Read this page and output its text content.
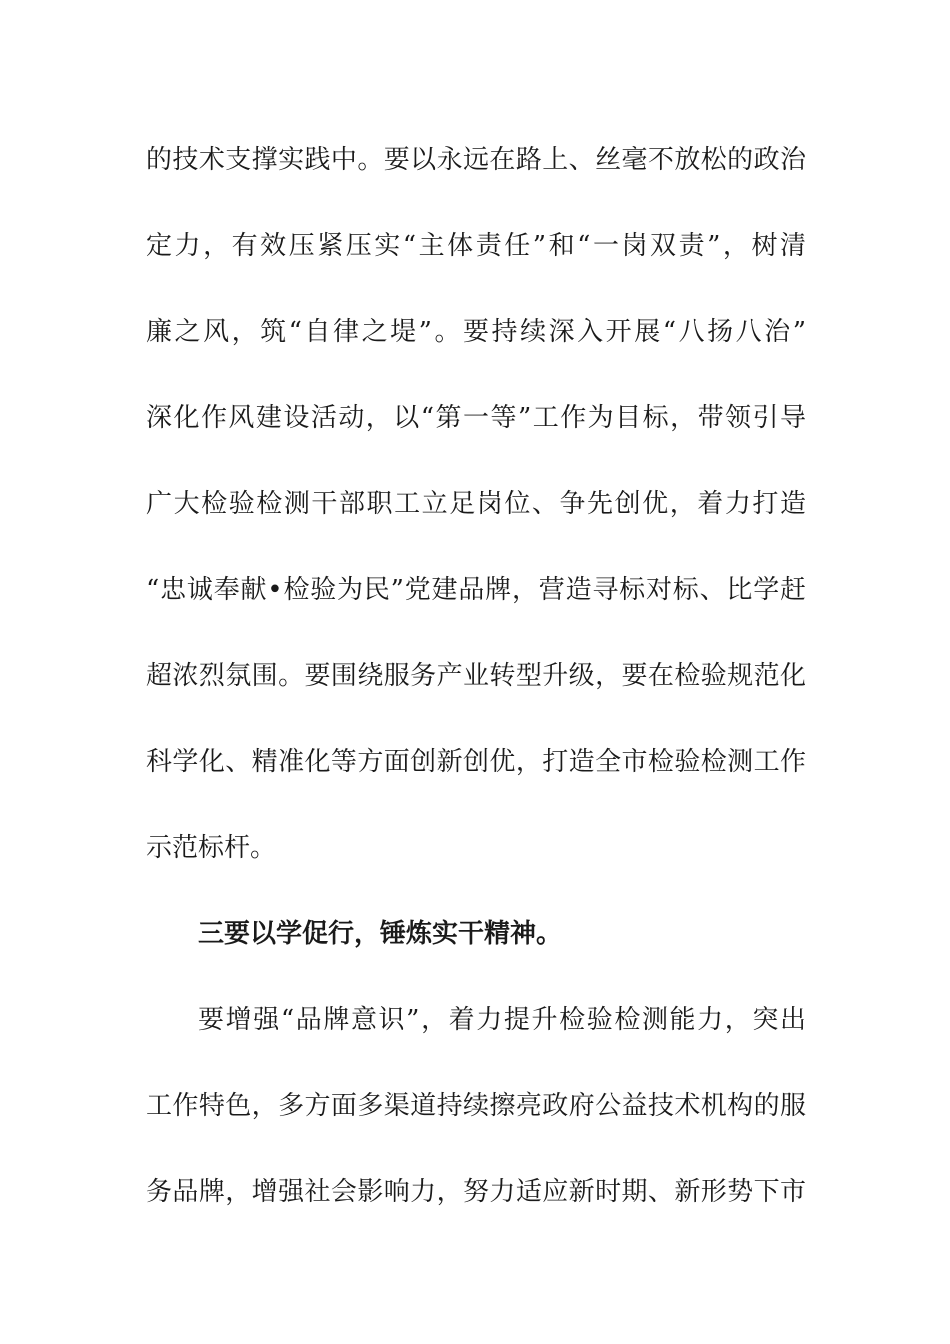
的技术支撑实践中。要以永远在路上、丝毫不放松的政治
定力，有效压紧压实“主体责任”和“一岗双责”，树清
廉之风，筑“自律之堤”。要持续深入开展“八扬八治”
深化作风建设活动，以“第一等”工作为目标，带领引导
广大检验检测干部职工立足岗位、争先创优，着力打造
“忠诚奉献•检验为民”党建品牌，营造寻标对标、比学赶
超浓烈氛围。要围绕服务产业转型升级，要在检验规范化
科学化、精准化等方面创新创优，打造全市检验检测工作
示范标杆。
三要以学促行，锤炼实干精神。
要增强“品牌意识”，着力提升检验检测能力，突出
工作特色，多方面多渠道持续擦亮政府公益技术机构的服
务品牌，增强社会影响力，努力适应新时期、新形势下市
